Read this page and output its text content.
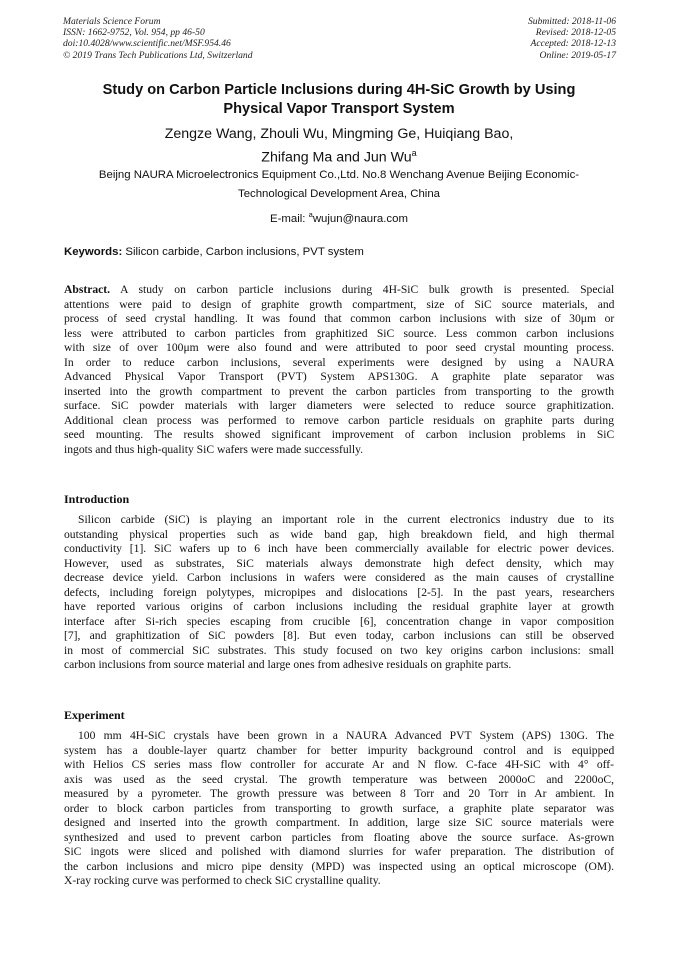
Materials Science Forum
ISSN: 1662-9752, Vol. 954, pp 46-50
doi:10.4028/www.scientific.net/MSF.954.46
© 2019 Trans Tech Publications Ltd, Switzerland
Submitted: 2018-11-06
Revised: 2018-12-05
Accepted: 2018-12-13
Online: 2019-05-17
Study on Carbon Particle Inclusions during 4H-SiC Growth by Using
Physical Vapor Transport System
Zengze Wang, Zhouli Wu, Mingming Ge, Huiqiang Bao,
Zhifang Ma and Jun Wu$^a$
Beijng NAURA Microelectronics Equipment Co.,Ltd. No.8 Wenchang Avenue Beijing Economic-
Technological Development Area, China
E-mail: $^a$wujun@naura.com
Keywords: Silicon carbide, Carbon inclusions, PVT system
Abstract. A study on carbon particle inclusions during 4H-SiC bulk growth is presented. Special
attentions were paid to design of graphite growth compartment, size of SiC source materials, and
process of seed crystal handling. It was found that common carbon inclusions with size of 30μm or
less were attributed to carbon particles from graphitized SiC source. Less common carbon inclusions
with size of over 100μm were also found and were attributed to poor seed crystal mounting process.
In order to reduce carbon inclusions, several experiments were designed by using a NAURA
Advanced Physical Vapor Transport (PVT) System APS130G. A graphite plate separator was
inserted into the growth compartment to prevent the carbon particles from transporting to the growth
surface. SiC powder materials with larger diameters were selected to reduce source graphitization.
Additional clean process was performed to remove carbon particle residuals on graphite parts during
seed mounting. The results showed significant improvement of carbon inclusion problems in SiC
ingots and thus high-quality SiC wafers were made successfully.
Introduction
Silicon carbide (SiC) is playing an important role in the current electronics industry due to its
outstanding physical properties such as wide band gap, high breakdown field, and high thermal
conductivity [1]. SiC wafers up to 6 inch have been commercially available for electric power devices.
However, used as substrates, SiC materials always demonstrate high defect density, which may
decrease device yield. Carbon inclusions in wafers were considered as the main causes of crystalline
defects, including foreign polytypes, micropipes and dislocations [2-5]. In the past years, researchers
have reported various origins of carbon inclusions including the residual graphite layer at growth
interface after Si-rich species escaping from crucible [6], concentration change in vapor composition
[7], and graphitization of SiC powders [8]. But even today, carbon inclusions can still be observed
in most of commercial SiC substrates. This study focused on two key origins carbon inclusions: small
carbon inclusions from source material and large ones from adhesive residuals on graphite parts.
Experiment
100 mm 4H-SiC crystals have been grown in a NAURA Advanced PVT System (APS) 130G. The
system has a double-layer quartz chamber for better impurity background control and is equipped
with Helios CS series mass flow controller for accurate Ar and N flow. C-face 4H-SiC with 4° off-
axis was used as the seed crystal. The growth temperature was between 2000oC and 2200oC,
measured by a pyrometer. The growth pressure was between 8 Torr and 20 Torr in Ar ambient. In
order to block carbon particles from transporting to growth surface, a graphite plate separator was
designed and inserted into the growth compartment. In addition, large size SiC source materials were
synthesized and used to prevent carbon particles from floating above the source surface. As-grown
SiC ingots were sliced and polished with diamond slurries for wafer preparation. The distribution of
the carbon inclusions and micro pipe density (MPD) was inspected using an optical microscope (OM).
X-ray rocking curve was performed to check SiC crystalline quality.
